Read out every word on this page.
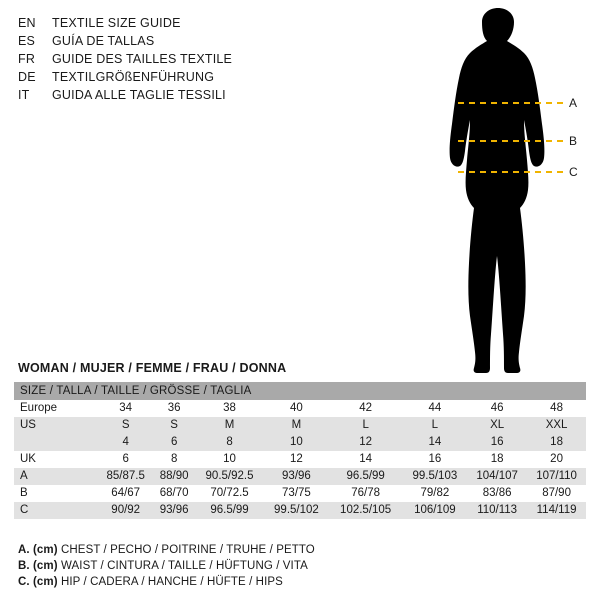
EN	TEXTILE SIZE GUIDE
ES	GUÍA DE TALLAS
FR	GUIDE DES TAILLES TEXTILE
DE	TEXTILGRÖßENFÜHRUNG
IT	GUIDA ALLE TAGLIE TESSILI
A
B
C
WOMAN / MUJER / FEMME / FRAU / DONNA
SIZE / TALLA / TAILLE / GRÖSSE / TAGLIA								
Europe	34	36	38	40	42	44	46	48
US	S	S	M	M	L	L	XL	XXL
	4	6	8	10	12	14	16	18
UK	6	8	10	12	14	16	18	20
A	85/87.5	88/90	90.5/92.5	93/96	96.5/99	99.5/103	104/107	107/110
B	64/67	68/70	70/72.5	73/75	76/78	79/82	83/86	87/90
C	90/92	93/96	96.5/99	99.5/102	102.5/105	106/109	110/113	114/119
A. (cm) CHEST / PECHO / POITRINE / TRUHE / PETTO
B. (cm) WAIST / CINTURA / TAILLE / HÜFTUNG / VITA
C. (cm) HIP / CADERA / HANCHE / HÜFTE / HIPS
